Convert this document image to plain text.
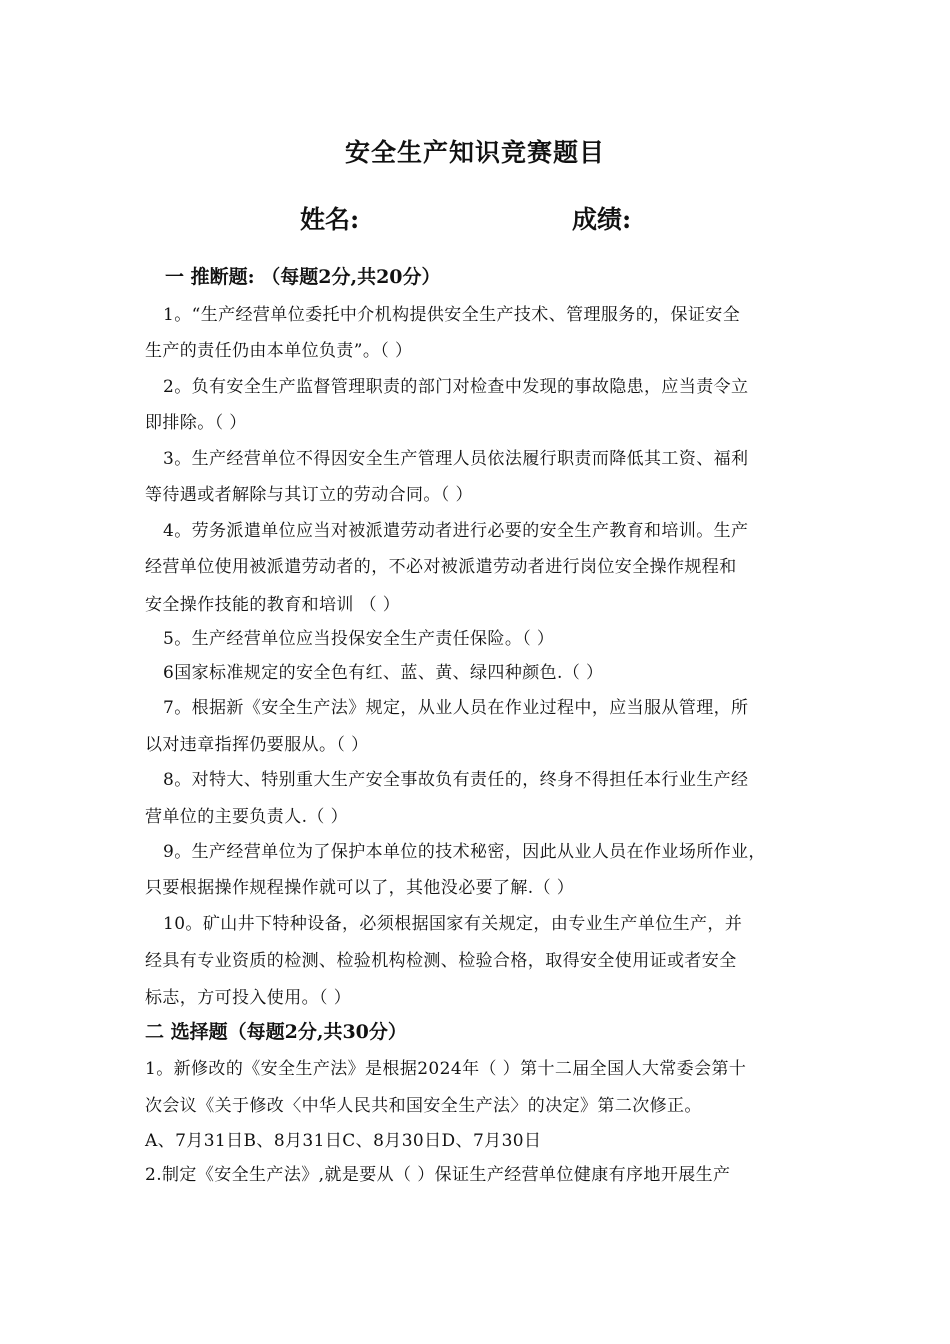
安全生产知识竞赛题目
姓名:	成绩:
一 推断题: （每题2分,共20分）
1。“生产经营单位委托中介机构提供安全生产技术、管理服务的，保证安全
生产的责任仍由本单位负责”。（ ）
2。负有安全生产监督管理职责的部门对检查中发现的事故隐患，应当责令立
即排除。（ ）
3。生产经营单位不得因安全生产管理人员依法履行职责而降低其工资、福利
等待遇或者解除与其订立的劳动合同。（ ）
4。劳务派遣单位应当对被派遣劳动者进行必要的安全生产教育和培训。生产
经营单位使用被派遣劳动者的，不必对被派遣劳动者进行岗位安全操作规程和
安全操作技能的教育和培训 （ ）
5。生产经营单位应当投保安全生产责任保险。（ ）
6国家标准规定的安全色有红、蓝、黄、绿四种颜色.（ ）
7。根据新《安全生产法》规定，从业人员在作业过程中，应当服从管理，所
以对违章指挥仍要服从。（ ）
8。对特大、特别重大生产安全事故负有责任的，终身不得担任本行业生产经
营单位的主要负责人.（ ）
9。生产经营单位为了保护本单位的技术秘密，因此从业人员在作业场所作业，
只要根据操作规程操作就可以了，其他没必要了解.（ ）
10。矿山井下特种设备，必须根据国家有关规定，由专业生产单位生产，并
经具有专业资质的检测、检验机构检测、检验合格，取得安全使用证或者安全
标志，方可投入使用。（ ）
二 选择题（每题2分,共30分）
1。新修改的《安全生产法》是根据2024年（ ）第十二届全国人大常委会第十
次会议《关于修改〈中华人民共和国安全生产法〉的决定》第二次修正。
A、7月31日B、8月31日C、8月30日D、7月30日
2.制定《安全生产法》,就是要从（ ）保证生产经营单位健康有序地开展生产
